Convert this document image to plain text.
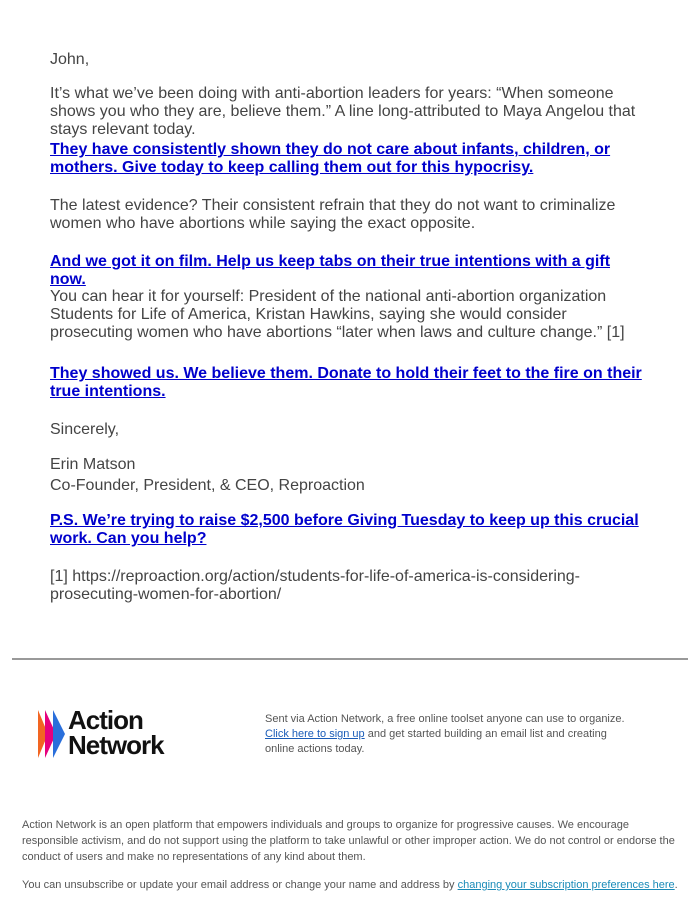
John,

It’s what we’ve been doing with anti-abortion leaders for years: “When someone shows you who they are, believe them.” A line long-attributed to Maya Angelou that stays relevant today.

They have consistently shown they do not care about infants, children, or mothers. Give today to keep calling them out for this hypocrisy.

The latest evidence? Their consistent refrain that they do not want to criminalize women who have abortions while saying the exact opposite.

And we got it on film. Help us keep tabs on their true intentions with a gift now.

You can hear it for yourself: President of the national anti-abortion organization Students for Life of America, Kristan Hawkins, saying she would consider prosecuting women who have abortions “later when laws and culture change.” [1]

They showed us. We believe them. Donate to hold their feet to the fire on their true intentions.

Sincerely,

Erin Matson

Co-Founder, President, & CEO, Reproaction

P.S. We’re trying to raise $2,500 before Giving Tuesday to keep up this crucial work. Can you help?

[1] https://reproaction.org/action/students-for-life-of-america-is-considering-prosecuting-women-for-abortion/

Action
Network
Sent via Action Network, a free online toolset anyone can use to organize. Click here to sign up and get started building an email list and creating online actions today.
Action Network is an open platform that empowers individuals and groups to organize for progressive causes. We encourage responsible activism, and do not support using the platform to take unlawful or other improper action. We do not control or endorse the conduct of users and make no representations of any kind about them.
You can unsubscribe or update your email address or change your name and address by changing your subscription preferences here.
